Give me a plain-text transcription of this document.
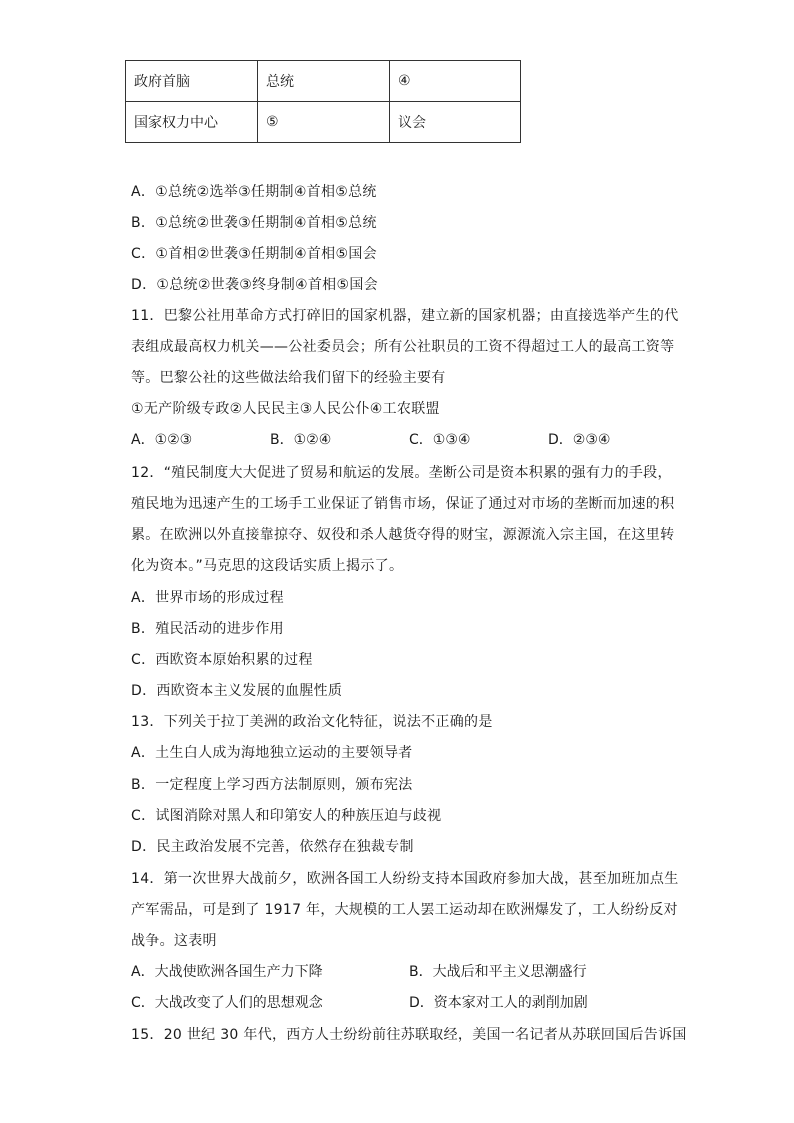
政府首脑	总统	④
国家权力中心	⑤	议会
A．①总统②选举③任期制④首相⑤总统
B．①总统②世袭③任期制④首相⑤总统
C．①首相②世袭③任期制④首相⑤国会
D．①总统②世袭③终身制④首相⑤国会
11．巴黎公社用革命方式打碎旧的国家机器，建立新的国家机器；由直接选举产生的代
表组成最高权力机关——公社委员会；所有公社职员的工资不得超过工人的最高工资等
等。巴黎公社的这些做法给我们留下的经验主要有
①无产阶级专政②人民民主③人民公仆④工农联盟
A．①②③	B．①②④	C．①③④	D．②③④
12．“殖民制度大大促进了贸易和航运的发展。垄断公司是资本积累的强有力的手段，
殖民地为迅速产生的工场手工业保证了销售市场，保证了通过对市场的垄断而加速的积
累。在欧洲以外直接靠掠夺、奴役和杀人越货夺得的财宝，源源流入宗主国，在这里转
化为资本。”马克思的这段话实质上揭示了。
A．世界市场的形成过程
B．殖民活动的进步作用
C．西欧资本原始积累的过程
D．西欧资本主义发展的血腥性质
13．下列关于拉丁美洲的政治文化特征，说法不正确的是
A．土生白人成为海地独立运动的主要领导者
B．一定程度上学习西方法制原则，颁布宪法
C．试图消除对黑人和印第安人的种族压迫与歧视
D．民主政治发展不完善，依然存在独裁专制
14．第一次世界大战前夕，欧洲各国工人纷纷支持本国政府参加大战，甚至加班加点生
产军需品，可是到了 1917 年，大规模的工人罢工运动却在欧洲爆发了，工人纷纷反对
战争。这表明
A．大战使欧洲各国生产力下降	B．大战后和平主义思潮盛行
C．大战改变了人们的思想观念	D．资本家对工人的剥削加剧
15．20 世纪 30 年代，西方人士纷纷前往苏联取经，美国一名记者从苏联回国后告诉国
